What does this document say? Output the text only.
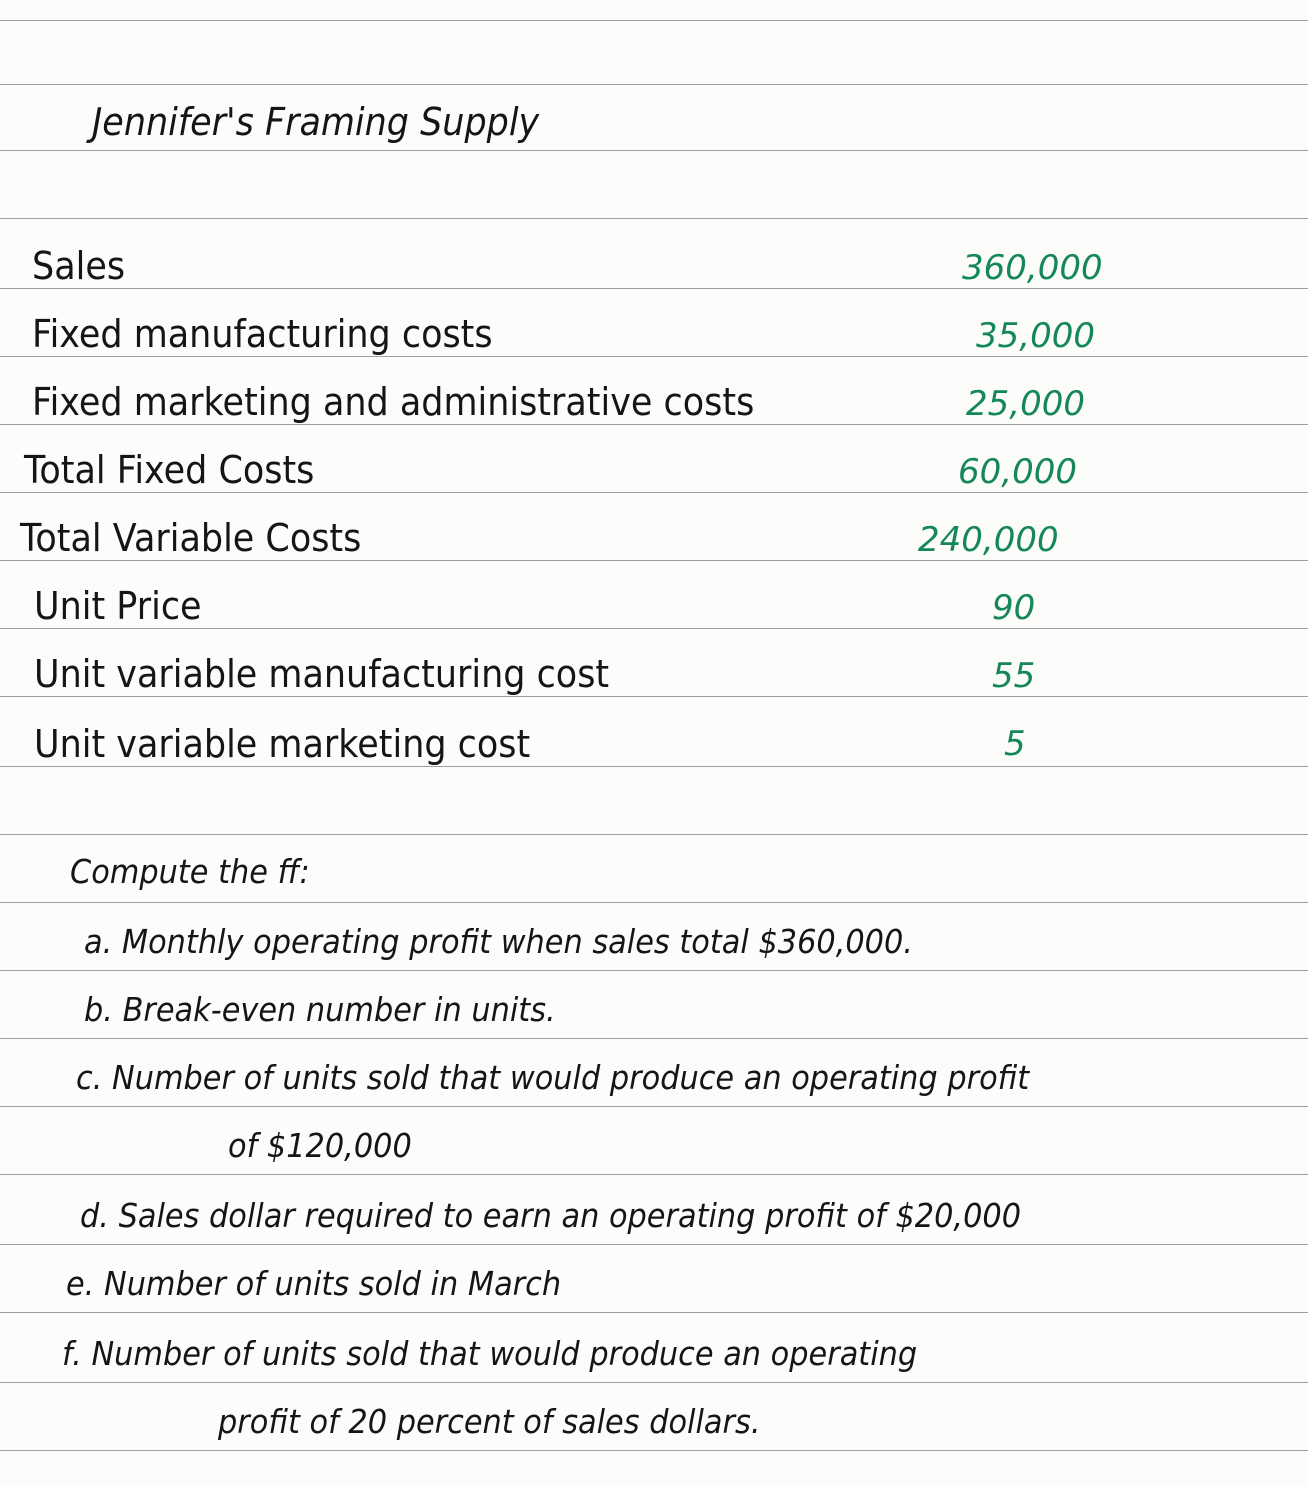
Jennifer's Framing Supply
Sales
Fixed manufacturing costs
Fixed marketing and administrative costs
Total Fixed Costs
Total Variable Costs
Unit Price
Unit variable manufacturing cost
Unit variable marketing cost
360,000
35,000
25,000
60,000
240,000
90
55
5
Compute the ff:
a. Monthly operating profit when sales total $360,000.
b. Break-even number in units.
c. Number of units sold that would produce an operating profit
of $120,000
d. Sales dollar required to earn an operating profit of $20,000
e. Number of units sold in March
f. Number of units sold that would produce an operating
profit of 20 percent of sales dollars.
